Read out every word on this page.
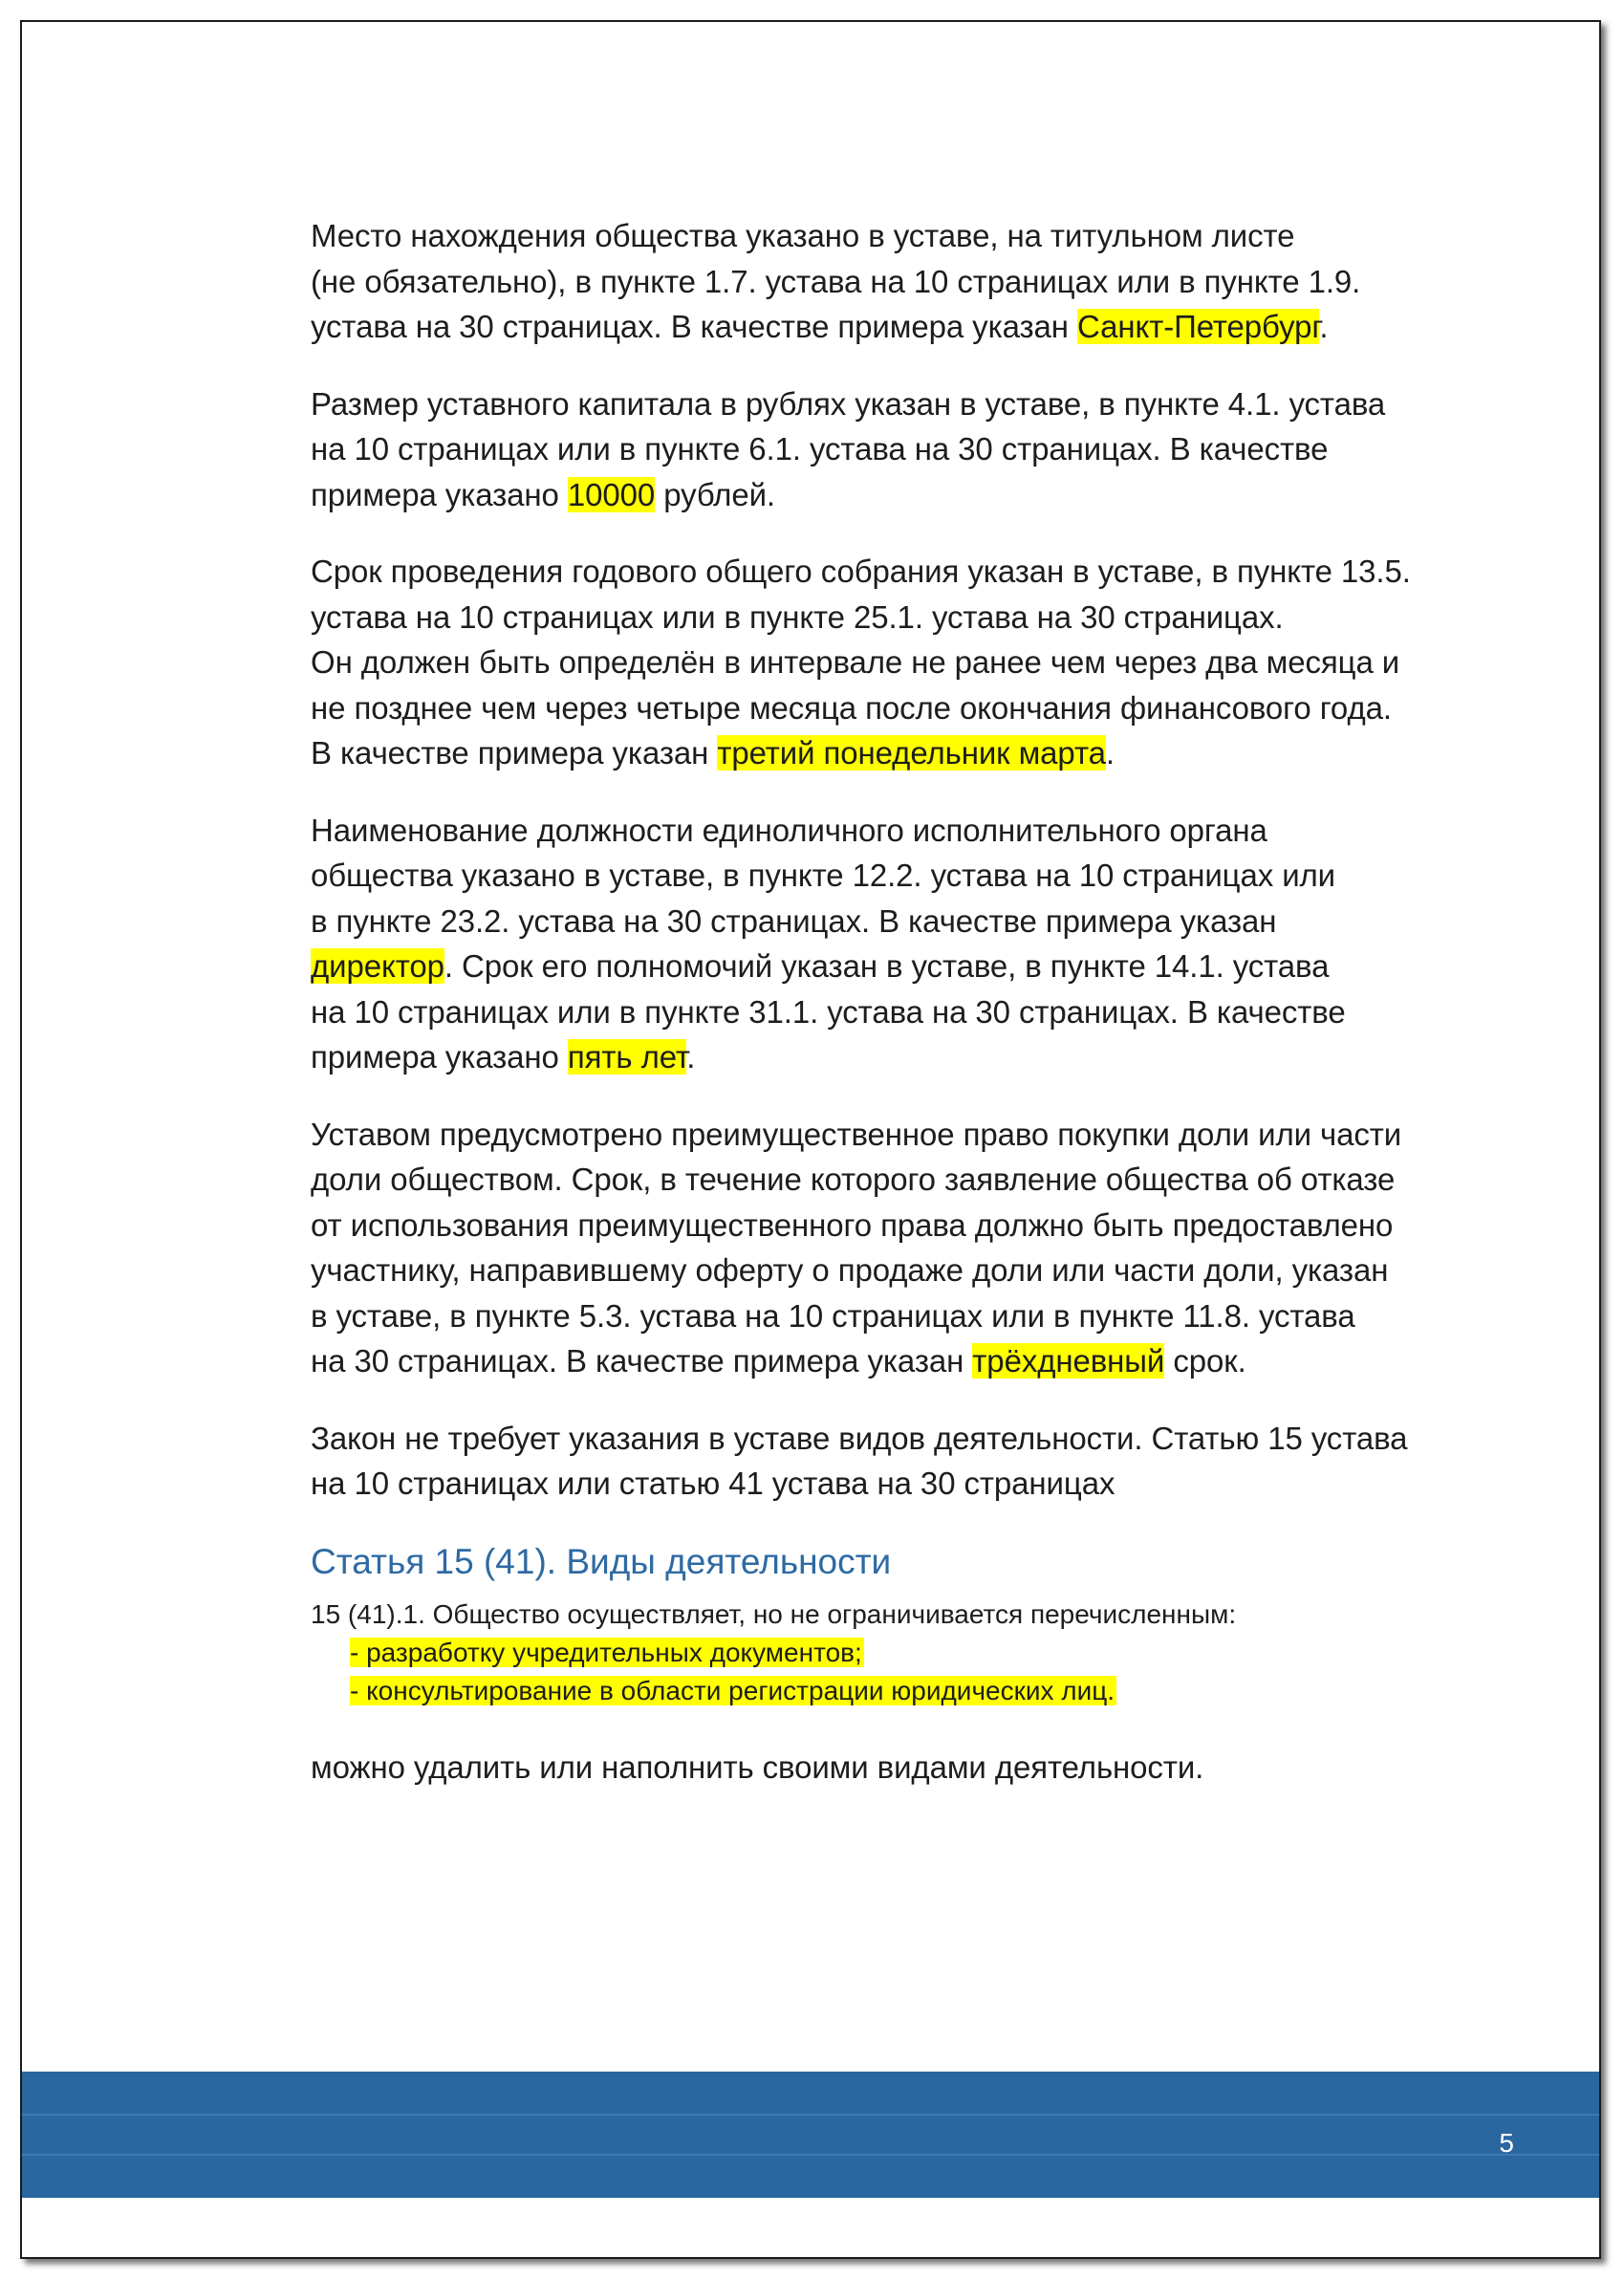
Место нахождения общества указано в уставе, на титульном листе
(не обязательно), в пункте 1.7. устава на 10 страницах или в пункте 1.9.
устава на 30 страницах. В качестве примера указан Санкт-Петербург.

Размер уставного капитала в рублях указан в уставе, в пункте 4.1. устава
на 10 страницах или в пункте 6.1. устава на 30 страницах. В качестве
примера указано 10000 рублей.

Срок проведения годового общего собрания указан в уставе, в пункте 13.5.
устава на 10 страницах или в пункте 25.1. устава на 30 страницах.
Он должен быть определён в интервале не ранее чем через два месяца и
не позднее чем через четыре месяца после окончания финансового года.
В качестве примера указан третий понедельник марта.

Наименование должности единоличного исполнительного органа
общества указано в уставе, в пункте 12.2. устава на 10 страницах или
в пункте 23.2. устава на 30 страницах. В качестве примера указан
директор. Срок его полномочий указан в уставе, в пункте 14.1. устава
на 10 страницах или в пункте 31.1. устава на 30 страницах. В качестве
примера указано пять лет.

Уставом предусмотрено преимущественное право покупки доли или части
доли обществом. Срок, в течение которого заявление общества об отказе
от использования преимущественного права должно быть предоставлено
участнику, направившему оферту о продаже доли или части доли, указан
в уставе, в пункте 5.3. устава на 10 страницах или в пункте 11.8. устава
на 30 страницах. В качестве примера указан трёхдневный срок.

Закон не требует указания в уставе видов деятельности. Статью 15 устава
на 10 страницах или статью 41 устава на 30 страницах

Статья 15 (41). Виды деятельности

15 (41).1. Общество осуществляет, но не ограничивается перечисленным:

- разработку учредительных документов;
- консультирование в области регистрации юридических лиц.

можно удалить или наполнить своими видами деятельности.

5
